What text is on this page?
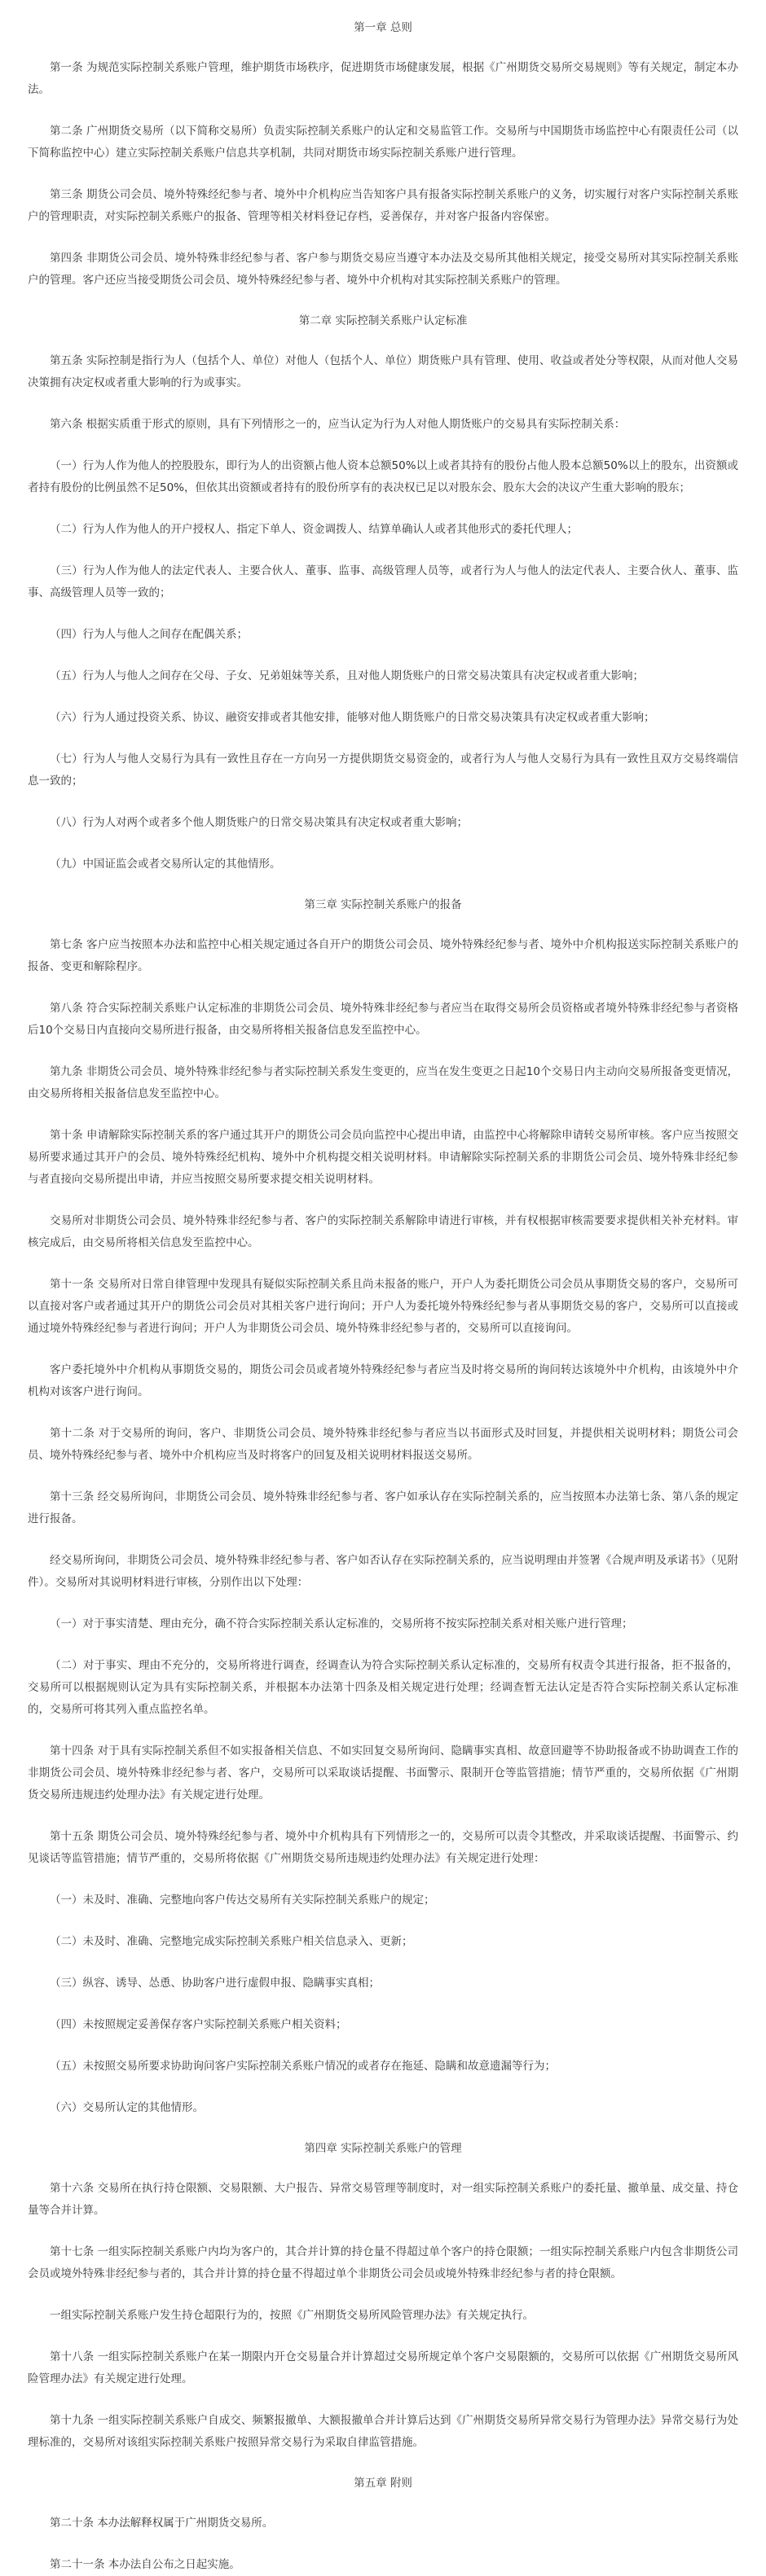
第一章 总则

第一条 为规范实际控制关系账户管理，维护期货市场秩序，促进期货市场健康发展，根据《广州期货交易所交易规则》等有关规定，制定本办法。

第二条 广州期货交易所（以下简称交易所）负责实际控制关系账户的认定和交易监管工作。交易所与中国期货市场监控中心有限责任公司（以下简称监控中心）建立实际控制关系账户信息共享机制，共同对期货市场实际控制关系账户进行管理。

第三条 期货公司会员、境外特殊经纪参与者、境外中介机构应当告知客户具有报备实际控制关系账户的义务，切实履行对客户实际控制关系账户的管理职责，对实际控制关系账户的报备、管理等相关材料登记存档，妥善保存，并对客户报备内容保密。

第四条 非期货公司会员、境外特殊非经纪参与者、客户参与期货交易应当遵守本办法及交易所其他相关规定，接受交易所对其实际控制关系账户的管理。客户还应当接受期货公司会员、境外特殊经纪参与者、境外中介机构对其实际控制关系账户的管理。

第二章 实际控制关系账户认定标准

第五条 实际控制是指行为人（包括个人、单位）对他人（包括个人、单位）期货账户具有管理、使用、收益或者处分等权限，从而对他人交易决策拥有决定权或者重大影响的行为或事实。

第六条 根据实质重于形式的原则，具有下列情形之一的，应当认定为行为人对他人期货账户的交易具有实际控制关系：

（一）行为人作为他人的控股股东，即行为人的出资额占他人资本总额50%以上或者其持有的股份占他人股本总额50%以上的股东，出资额或者持有股份的比例虽然不足50%，但依其出资额或者持有的股份所享有的表决权已足以对股东会、股东大会的决议产生重大影响的股东；

（二）行为人作为他人的开户授权人、指定下单人、资金调拨人、结算单确认人或者其他形式的委托代理人；

（三）行为人作为他人的法定代表人、主要合伙人、董事、监事、高级管理人员等，或者行为人与他人的法定代表人、主要合伙人、董事、监事、高级管理人员等一致的；

（四）行为人与他人之间存在配偶关系；

（五）行为人与他人之间存在父母、子女、兄弟姐妹等关系，且对他人期货账户的日常交易决策具有决定权或者重大影响；

（六）行为人通过投资关系、协议、融资安排或者其他安排，能够对他人期货账户的日常交易决策具有决定权或者重大影响；

（七）行为人与他人交易行为具有一致性且存在一方向另一方提供期货交易资金的，或者行为人与他人交易行为具有一致性且双方交易终端信息一致的；

（八）行为人对两个或者多个他人期货账户的日常交易决策具有决定权或者重大影响；

（九）中国证监会或者交易所认定的其他情形。

第三章 实际控制关系账户的报备

第七条 客户应当按照本办法和监控中心相关规定通过各自开户的期货公司会员、境外特殊经纪参与者、境外中介机构报送实际控制关系账户的报备、变更和解除程序。

第八条 符合实际控制关系账户认定标准的非期货公司会员、境外特殊非经纪参与者应当在取得交易所会员资格或者境外特殊非经纪参与者资格后10个交易日内直接向交易所进行报备，由交易所将相关报备信息发至监控中心。

第九条 非期货公司会员、境外特殊非经纪参与者实际控制关系发生变更的，应当在发生变更之日起10个交易日内主动向交易所报备变更情况，由交易所将相关报备信息发至监控中心。

第十条 申请解除实际控制关系的客户通过其开户的期货公司会员向监控中心提出申请，由监控中心将解除申请转交易所审核。客户应当按照交易所要求通过其开户的会员、境外特殊经纪机构、境外中介机构提交相关说明材料。申请解除实际控制关系的非期货公司会员、境外特殊非经纪参与者直接向交易所提出申请，并应当按照交易所要求提交相关说明材料。

交易所对非期货公司会员、境外特殊非经纪参与者、客户的实际控制关系解除申请进行审核，并有权根据审核需要要求提供相关补充材料。审核完成后，由交易所将相关信息发至监控中心。

第十一条 交易所对日常自律管理中发现具有疑似实际控制关系且尚未报备的账户，开户人为委托期货公司会员从事期货交易的客户，交易所可以直接对客户或者通过其开户的期货公司会员对其相关客户进行询问；开户人为委托境外特殊经纪参与者从事期货交易的客户，交易所可以直接或通过境外特殊经纪参与者进行询问；开户人为非期货公司会员、境外特殊非经纪参与者的，交易所可以直接询问。

客户委托境外中介机构从事期货交易的，期货公司会员或者境外特殊经纪参与者应当及时将交易所的询问转达该境外中介机构，由该境外中介机构对该客户进行询问。

第十二条 对于交易所的询问，客户、非期货公司会员、境外特殊非经纪参与者应当以书面形式及时回复，并提供相关说明材料；期货公司会员、境外特殊经纪参与者、境外中介机构应当及时将客户的回复及相关说明材料报送交易所。

第十三条 经交易所询问，非期货公司会员、境外特殊非经纪参与者、客户如承认存在实际控制关系的，应当按照本办法第七条、第八条的规定进行报备。

经交易所询问，非期货公司会员、境外特殊非经纪参与者、客户如否认存在实际控制关系的，应当说明理由并签署《合规声明及承诺书》（见附件）。交易所对其说明材料进行审核，分别作出以下处理：

（一）对于事实清楚、理由充分，确不符合实际控制关系认定标准的，交易所将不按实际控制关系对相关账户进行管理；

（二）对于事实、理由不充分的，交易所将进行调查，经调查认为符合实际控制关系认定标准的，交易所有权责令其进行报备，拒不报备的，交易所可以根据规则认定为具有实际控制关系，并根据本办法第十四条及相关规定进行处理；经调查暂无法认定是否符合实际控制关系认定标准的，交易所可将其列入重点监控名单。

第十四条 对于具有实际控制关系但不如实报备相关信息、不如实回复交易所询问、隐瞒事实真相、故意回避等不协助报备或不协助调查工作的非期货公司会员、境外特殊非经纪参与者、客户，交易所可以采取谈话提醒、书面警示、限制开仓等监管措施；情节严重的，交易所依据《广州期货交易所违规违约处理办法》有关规定进行处理。

第十五条 期货公司会员、境外特殊经纪参与者、境外中介机构具有下列情形之一的，交易所可以责令其整改，并采取谈话提醒、书面警示、约见谈话等监管措施；情节严重的，交易所将依据《广州期货交易所违规违约处理办法》有关规定进行处理：

（一）未及时、准确、完整地向客户传达交易所有关实际控制关系账户的规定；

（二）未及时、准确、完整地完成实际控制关系账户相关信息录入、更新；

（三）纵容、诱导、怂恿、协助客户进行虚假申报、隐瞒事实真相；

（四）未按照规定妥善保存客户实际控制关系账户相关资料；

（五）未按照交易所要求协助询问客户实际控制关系账户情况的或者存在拖延、隐瞒和故意遗漏等行为；

（六）交易所认定的其他情形。

第四章 实际控制关系账户的管理

第十六条 交易所在执行持仓限额、交易限额、大户报告、异常交易管理等制度时，对一组实际控制关系账户的委托量、撤单量、成交量、持仓量等合并计算。

第十七条 一组实际控制关系账户内均为客户的，其合并计算的持仓量不得超过单个客户的持仓限额；一组实际控制关系账户内包含非期货公司会员或境外特殊非经纪参与者的，其合并计算的持仓量不得超过单个非期货公司会员或境外特殊非经纪参与者的持仓限额。

一组实际控制关系账户发生持仓超限行为的，按照《广州期货交易所风险管理办法》有关规定执行。

第十八条 一组实际控制关系账户在某一期限内开仓交易量合并计算超过交易所规定单个客户交易限额的，交易所可以依据《广州期货交易所风险管理办法》有关规定进行处理。

第十九条 一组实际控制关系账户自成交、频繁报撤单、大额报撤单合并计算后达到《广州期货交易所异常交易行为管理办法》异常交易行为处理标准的，交易所对该组实际控制关系账户按照异常交易行为采取自律监管措施。

第五章 附则

第二十条 本办法解释权属于广州期货交易所。

第二十一条 本办法自公布之日起实施。
